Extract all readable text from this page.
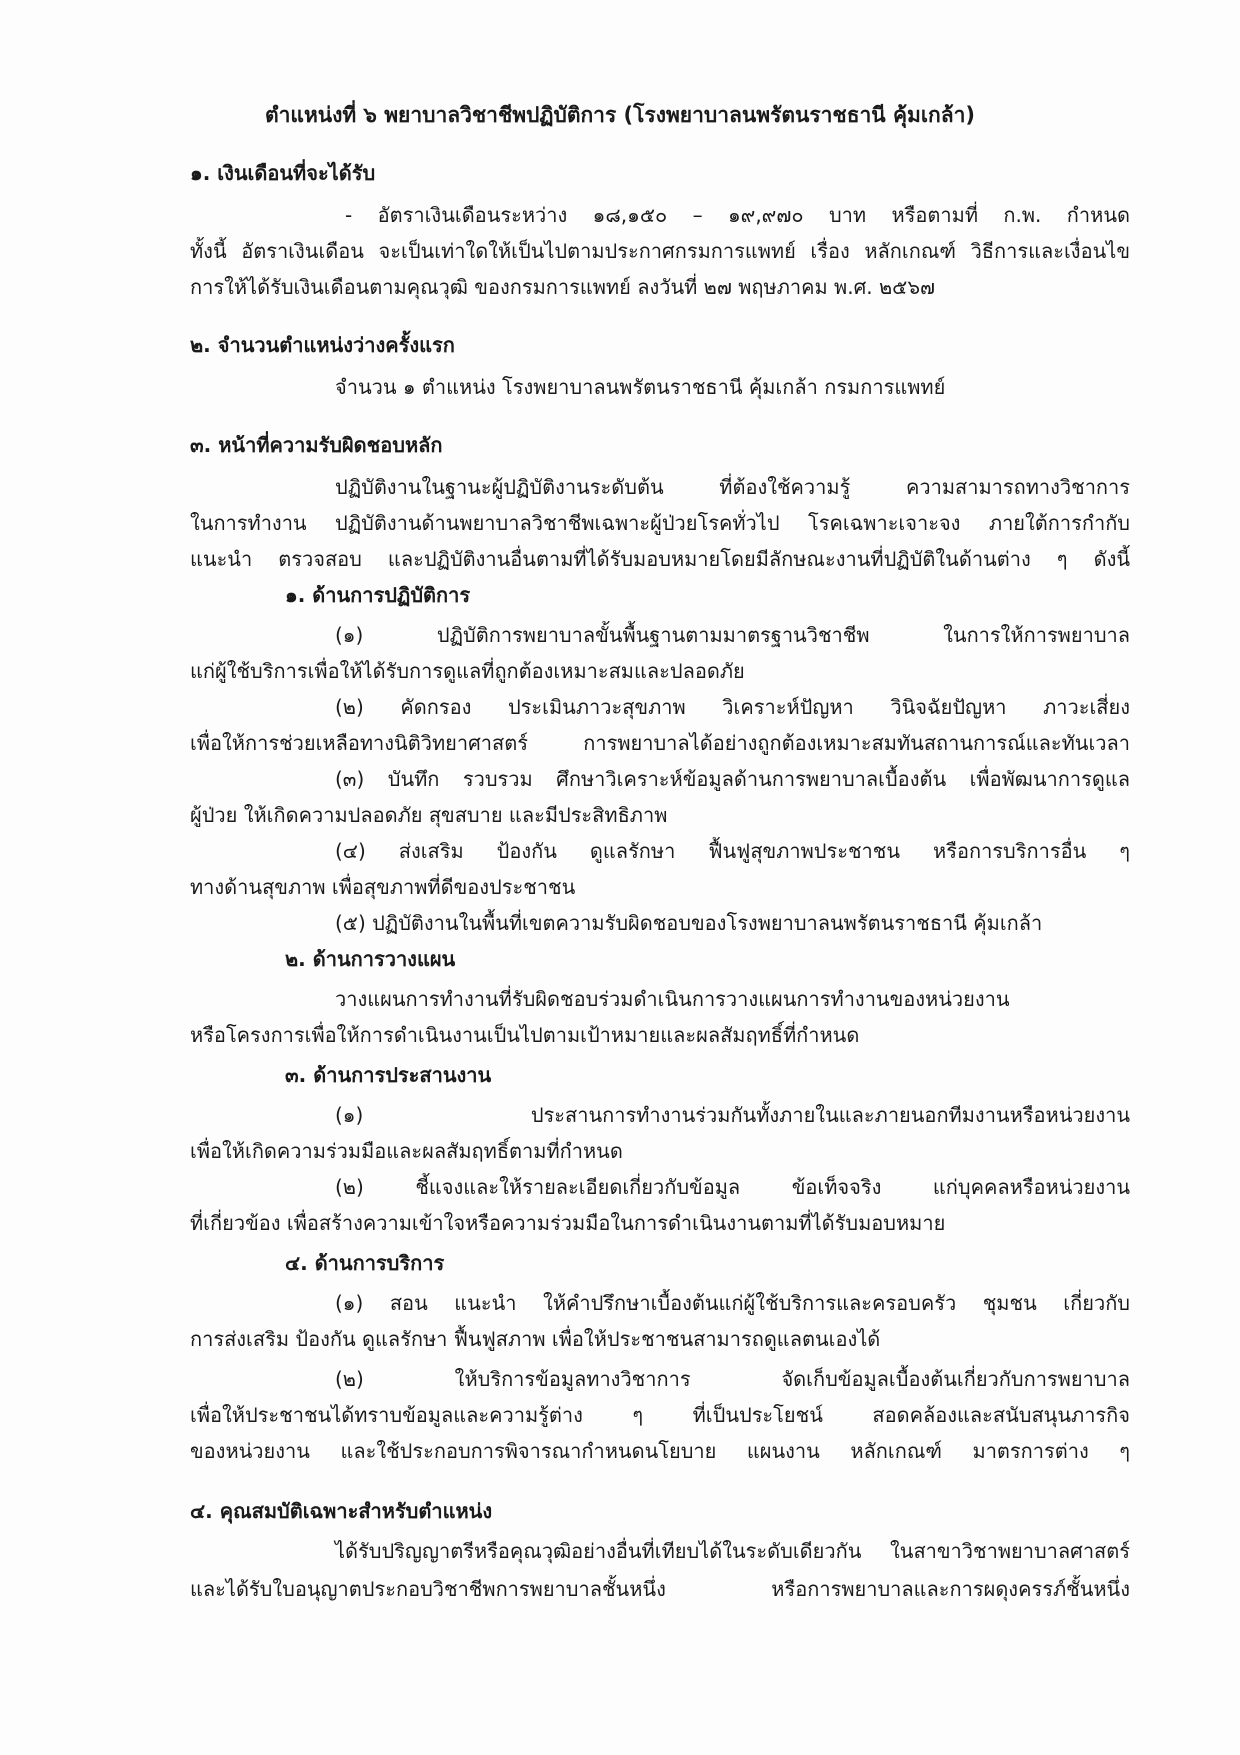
ตำแหน่งที่ ๖ พยาบาลวิชาชีพปฏิบัติการ (โรงพยาบาลนพรัตนราชธานี คุ้มเกล้า)
๑. เงินเดือนที่จะได้รับ
- อัตราเงินเดือนระหว่าง ๑๘,๑๕๐ – ๑๙,๙๗๐ บาท หรือตามที่ ก.พ. กำหนด
ทั้งนี้ อัตราเงินเดือน จะเป็นเท่าใดให้เป็นไปตามประกาศกรมการแพทย์ เรื่อง หลักเกณฑ์ วิธีการและเงื่อนไข
การให้ได้รับเงินเดือนตามคุณวุฒิ ของกรมการแพทย์ ลงวันที่ ๒๗ พฤษภาคม พ.ศ. ๒๕๖๗
๒. จำนวนตำแหน่งว่างครั้งแรก
จำนวน ๑ ตำแหน่ง โรงพยาบาลนพรัตนราชธานี คุ้มเกล้า กรมการแพทย์
๓. หน้าที่ความรับผิดชอบหลัก
ปฏิบัติงานในฐานะผู้ปฏิบัติงานระดับต้น ที่ต้องใช้ความรู้ ความสามารถทางวิชาการ
ในการทำงาน ปฏิบัติงานด้านพยาบาลวิชาชีพเฉพาะผู้ป่วยโรคทั่วไป โรคเฉพาะเจาะจง ภายใต้การกำกับ
แนะนำ ตรวจสอบ และปฏิบัติงานอื่นตามที่ได้รับมอบหมายโดยมีลักษณะงานที่ปฏิบัติในด้านต่าง ๆ ดังนี้
๑. ด้านการปฏิบัติการ
(๑) ปฏิบัติการพยาบาลขั้นพื้นฐานตามมาตรฐานวิชาชีพ ในการให้การพยาบาล
แก่ผู้ใช้บริการเพื่อให้ได้รับการดูแลที่ถูกต้องเหมาะสมและปลอดภัย
(๒) คัดกรอง ประเมินภาวะสุขภาพ วิเคราะห์ปัญหา วินิจฉัยปัญหา ภาวะเสี่ยง
เพื่อให้การช่วยเหลือทางนิติวิทยาศาสตร์ การพยาบาลได้อย่างถูกต้องเหมาะสมทันสถานการณ์และทันเวลา
(๓) บันทึก รวบรวม ศึกษาวิเคราะห์ข้อมูลด้านการพยาบาลเบื้องต้น เพื่อพัฒนาการดูแล
ผู้ป่วย ให้เกิดความปลอดภัย สุขสบาย และมีประสิทธิภาพ
(๔) ส่งเสริม ป้องกัน ดูแลรักษา ฟื้นฟูสุขภาพประชาชน หรือการบริการอื่น ๆ
ทางด้านสุขภาพ เพื่อสุขภาพที่ดีของประชาชน
(๕) ปฏิบัติงานในพื้นที่เขตความรับผิดชอบของโรงพยาบาลนพรัตนราชธานี คุ้มเกล้า
๒. ด้านการวางแผน
วางแผนการทำงานที่รับผิดชอบร่วมดำเนินการวางแผนการทำงานของหน่วยงาน
หรือโครงการเพื่อให้การดำเนินงานเป็นไปตามเป้าหมายและผลสัมฤทธิ์ที่กำหนด
๓. ด้านการประสานงาน
(๑) ประสานการทำงานร่วมกันทั้งภายในและภายนอกทีมงานหรือหน่วยงาน
เพื่อให้เกิดความร่วมมือและผลสัมฤทธิ์ตามที่กำหนด
(๒) ชี้แจงและให้รายละเอียดเกี่ยวกับข้อมูล ข้อเท็จจริง แก่บุคคลหรือหน่วยงาน
ที่เกี่ยวข้อง เพื่อสร้างความเข้าใจหรือความร่วมมือในการดำเนินงานตามที่ได้รับมอบหมาย
๔. ด้านการบริการ
(๑) สอน แนะนำ ให้คำปรึกษาเบื้องต้นแก่ผู้ใช้บริการและครอบครัว ชุมชน เกี่ยวกับ
การส่งเสริม ป้องกัน ดูแลรักษา ฟื้นฟูสภาพ เพื่อให้ประชาชนสามารถดูแลตนเองได้
(๒) ให้บริการข้อมูลทางวิชาการ จัดเก็บข้อมูลเบื้องต้นเกี่ยวกับการพยาบาล
เพื่อให้ประชาชนได้ทราบข้อมูลและความรู้ต่าง ๆ ที่เป็นประโยชน์ สอดคล้องและสนับสนุนภารกิจ
ของหน่วยงาน และใช้ประกอบการพิจารณากำหนดนโยบาย แผนงาน หลักเกณฑ์ มาตรการต่าง ๆ
๔. คุณสมบัติเฉพาะสำหรับตำแหน่ง
ได้รับปริญญาตรีหรือคุณวุฒิอย่างอื่นที่เทียบได้ในระดับเดียวกัน ในสาขาวิชาพยาบาลศาสตร์
และได้รับใบอนุญาตประกอบวิชาชีพการพยาบาลชั้นหนึ่ง หรือการพยาบาลและการผดุงครรภ์ชั้นหนึ่ง
